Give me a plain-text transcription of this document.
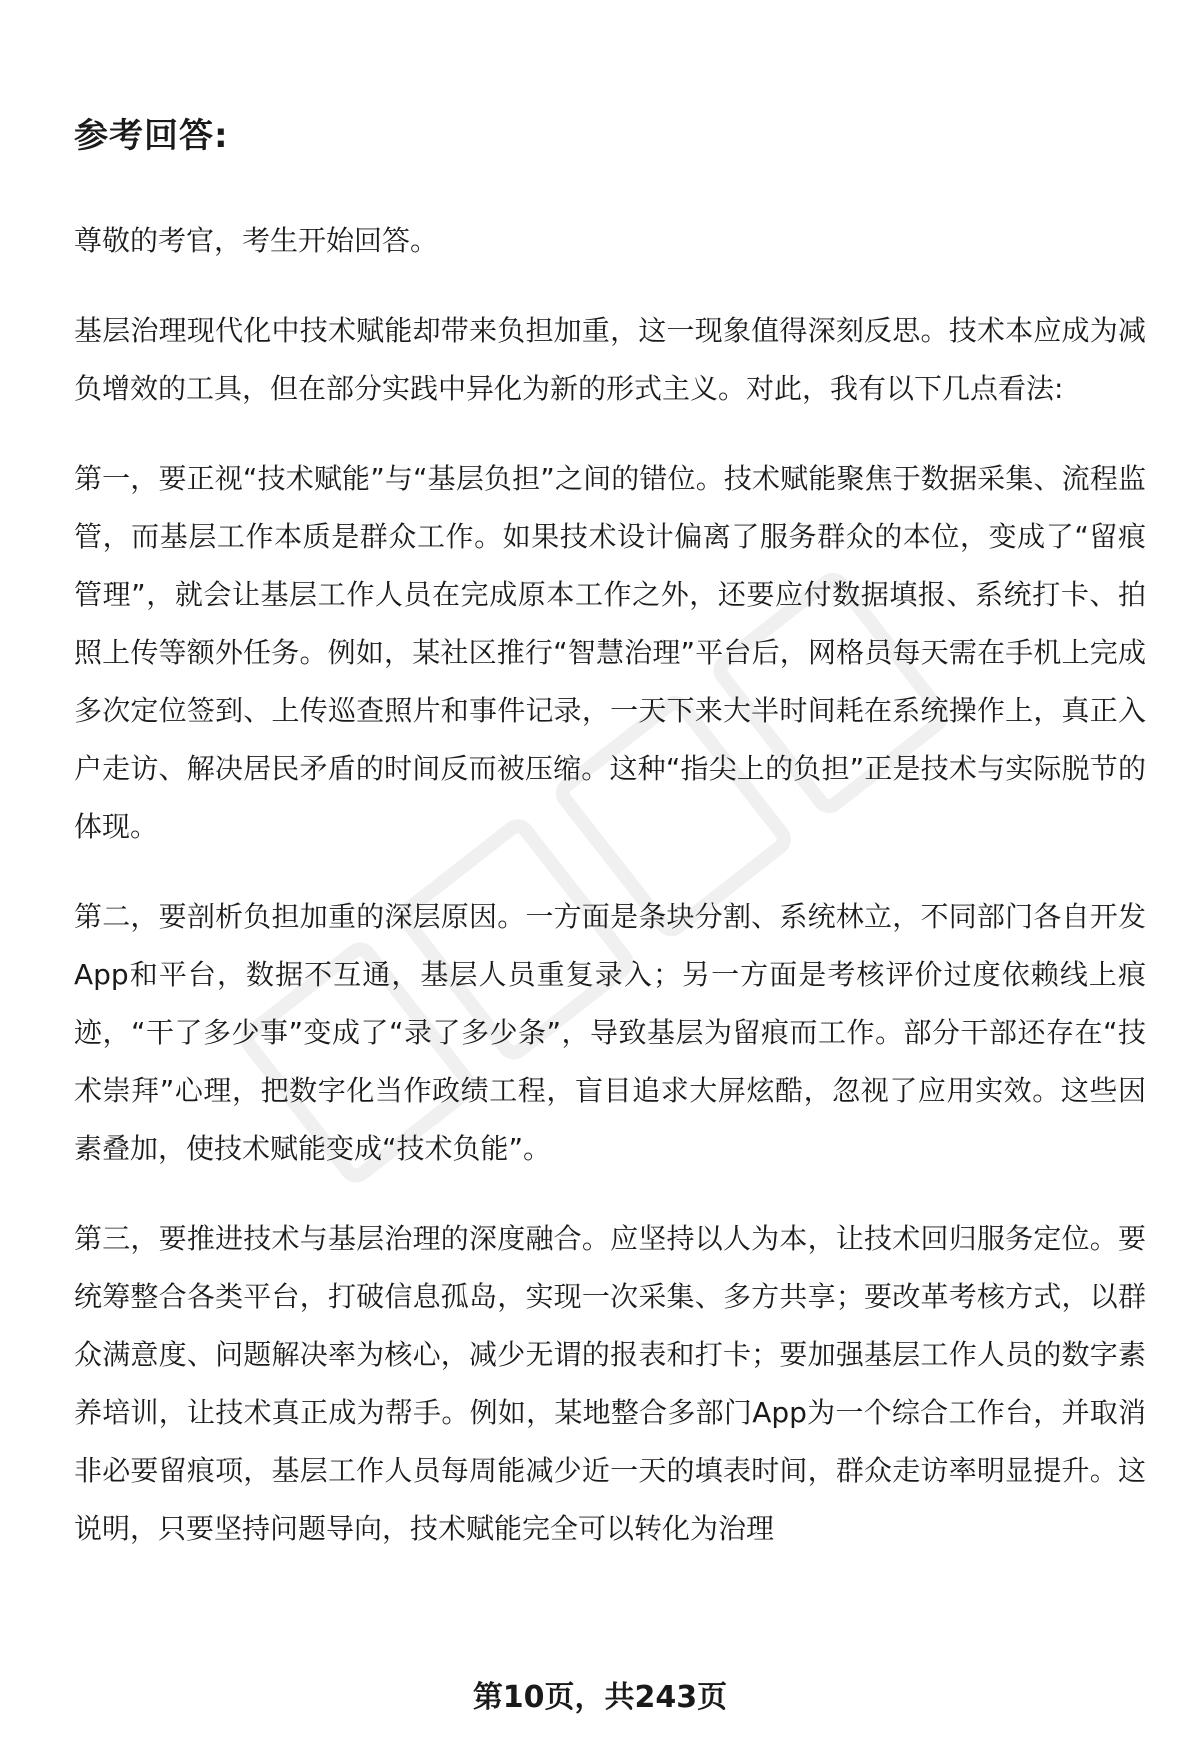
参考回答:

尊敬的考官，考生开始回答。

基层治理现代化中技术赋能却带来负担加重，这一现象值得深刻反思。技术本应成为减负增效的工具，但在部分实践中异化为新的形式主义。对此，我有以下几点看法:

第一，要正视“技术赋能”与“基层负担”之间的错位。技术赋能聚焦于数据采集、流程监管，而基层工作本质是群众工作。如果技术设计偏离了服务群众的本位，变成了“留痕管理”，就会让基层工作人员在完成原本工作之外，还要应付数据填报、系统打卡、拍照上传等额外任务。例如，某社区推行“智慧治理”平台后，网格员每天需在手机上完成多次定位签到、上传巡查照片和事件记录，一天下来大半时间耗在系统操作上，真正入户走访、解决居民矛盾的时间反而被压缩。这种“指尖上的负担”正是技术与实际脱节的体现。

第二，要剖析负担加重的深层原因。一方面是条块分割、系统林立，不同部门各自开发App和平台，数据不互通，基层人员重复录入；另一方面是考核评价过度依赖线上痕迹，“干了多少事”变成了“录了多少条”，导致基层为留痕而工作。部分干部还存在“技术崇拜”心理，把数字化当作政绩工程，盲目追求大屏炫酷，忽视了应用实效。这些因素叠加，使技术赋能变成“技术负能”。

第三，要推进技术与基层治理的深度融合。应坚持以人为本，让技术回归服务定位。要统筹整合各类平台，打破信息孤岛，实现一次采集、多方共享；要改革考核方式，以群众满意度、问题解决率为核心，减少无谓的报表和打卡；要加强基层工作人员的数字素养培训，让技术真正成为帮手。例如，某地整合多部门App为一个综合工作台，并取消非必要留痕项，基层工作人员每周能减少近一天的填表时间，群众走访率明显提升。这说明，只要坚持问题导向，技术赋能完全可以转化为治理

第10页，共243页
